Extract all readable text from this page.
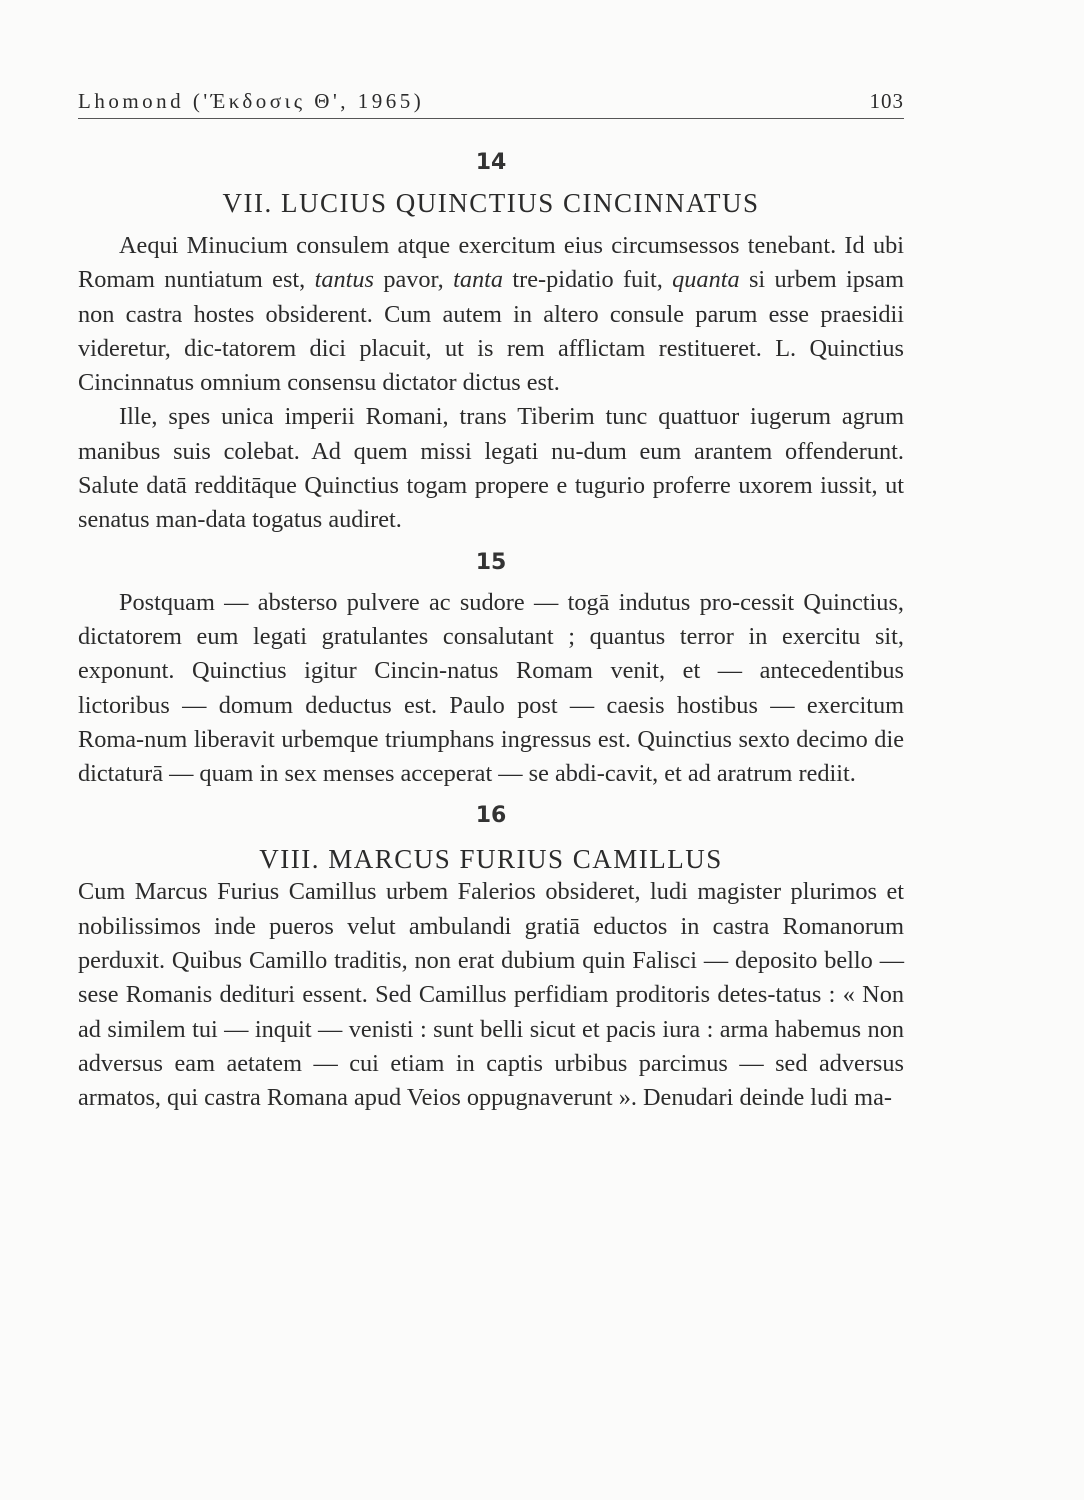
Lhomond ('Έκδοσις Θ', 1965)	103
14
VII. LUCIUS QUINCTIUS CINCINNATUS

Aequi Minucium consulem atque exercitum eius circumsessos tenebant. Id ubi Romam nuntiatum est, tantus pavor, tanta tre-pidatio fuit, quanta si urbem ipsam non castra hostes obsiderent. Cum autem in altero consule parum esse praesidii videretur, dic-tatorem dici placuit, ut is rem afflictam restitueret. L. Quinctius Cincinnatus omnium consensu dictator dictus est.

Ille, spes unica imperii Romani, trans Tiberim tunc quattuor iugerum agrum manibus suis colebat. Ad quem missi legati nu-dum eum arantem offenderunt. Salute datā redditāque Quinctius togam propere e tugurio proferre uxorem iussit, ut senatus man-data togatus audiret.

15

Postquam — absterso pulvere ac sudore — togā indutus pro-cessit Quinctius, dictatorem eum legati gratulantes consalutant ; quantus terror in exercitu sit, exponunt. Quinctius igitur Cincin-natus Romam venit, et — antecedentibus lictoribus — domum deductus est. Paulo post — caesis hostibus — exercitum Roma-num liberavit urbemque triumphans ingressus est. Quinctius sexto decimo die dictaturā — quam in sex menses acceperat — se abdi-cavit, et ad aratrum rediit.

16
VIII. MARCUS FURIUS CAMILLUS

Cum Marcus Furius Camillus urbem Falerios obsideret, ludi magister plurimos et nobilissimos inde pueros velut ambulandi gratiā eductos in castra Romanorum perduxit. Quibus Camillo traditis, non erat dubium quin Falisci — deposito bello — sese Romanis dedituri essent. Sed Camillus perfidiam proditoris detes-tatus : « Non ad similem tui — inquit — venisti : sunt belli sicut et pacis iura : arma habemus non adversus eam aetatem — cui etiam in captis urbibus parcimus — sed adversus armatos, qui castra Romana apud Veios oppugnaverunt ». Denudari deinde ludi ma-
